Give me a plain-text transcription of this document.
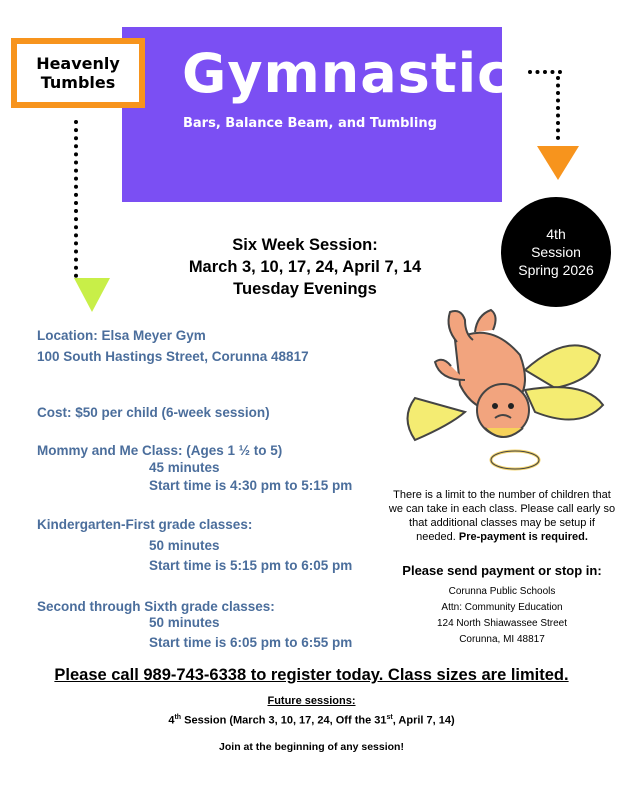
Gymnastics
Bars, Balance Beam, and Tumbling
Heavenly
Tumbles
4th
Session
Spring 2026
Six Week Session:
March 3, 10, 17, 24, April 7, 14
Tuesday Evenings
Location: Elsa Meyer Gym
100 South Hastings Street, Corunna 48817
Cost: $50 per child (6-week session)
Mommy and Me Class: (Ages 1 ½ to 5)
45 minutes
Start time is 4:30 pm to 5:15 pm
Kindergarten-First grade classes:
50 minutes
Start time is 5:15 pm to 6:05 pm
Second through Sixth grade classes:
50 minutes
Start time is 6:05 pm to 6:55 pm
There is a limit to the number of children that we can take in each class. Please call early so that additional classes may be setup if needed. Pre-payment is required.
Please send payment or stop in:
Corunna Public Schools
Attn: Community Education
124 North Shiawassee Street
Corunna, MI 48817
Please call 989-743-6338 to register today. Class sizes are limited.
Future sessions:
4th Session (March 3, 10, 17, 24, Off the 31st, April 7, 14)
Join at the beginning of any session!
